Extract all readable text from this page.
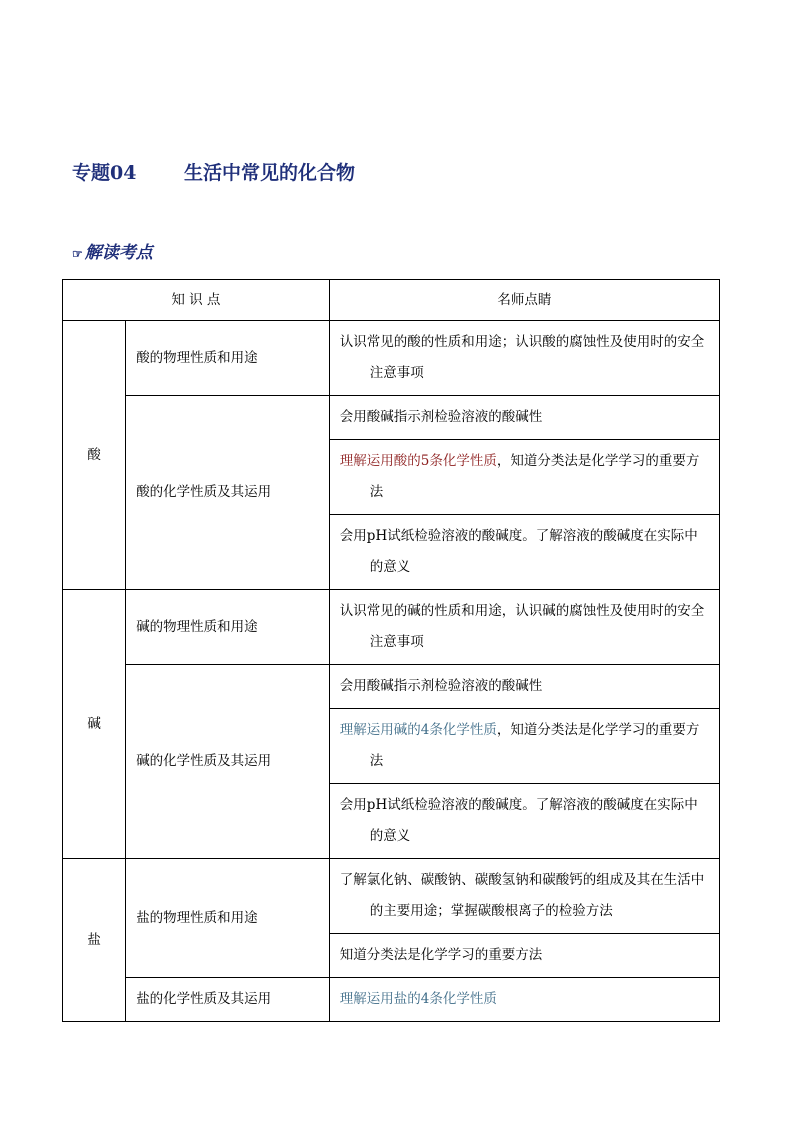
专题04	生活中常见的化合物
☞ 解读考点
知 识 点		名师点睛
酸	酸的物理性质和用途	认识常见的酸的性质和用途；认识酸的腐蚀性及使用时的安全注意事项

	酸的化学性质及其运用	会用酸碱指示剂检验溶液的酸碱性

		理解运用酸的5条化学性质，知道分类法是化学学习的重要方法

		会用pH试纸检验溶液的酸碱度。了解溶液的酸碱度在实际中的意义

碱	碱的物理性质和用途	认识常见的碱的性质和用途，认识碱的腐蚀性及使用时的安全注意事项

	碱的化学性质及其运用	会用酸碱指示剂检验溶液的酸碱性

		理解运用碱的4条化学性质，知道分类法是化学学习的重要方法

		会用pH试纸检验溶液的酸碱度。了解溶液的酸碱度在实际中的意义

盐	盐的物理性质和用途	了解氯化钠、碳酸钠、碳酸氢钠和碳酸钙的组成及其在生活中的主要用途；掌握碳酸根离子的检验方法

		知道分类法是化学学习的重要方法

	盐的化学性质及其运用	理解运用盐的4条化学性质
